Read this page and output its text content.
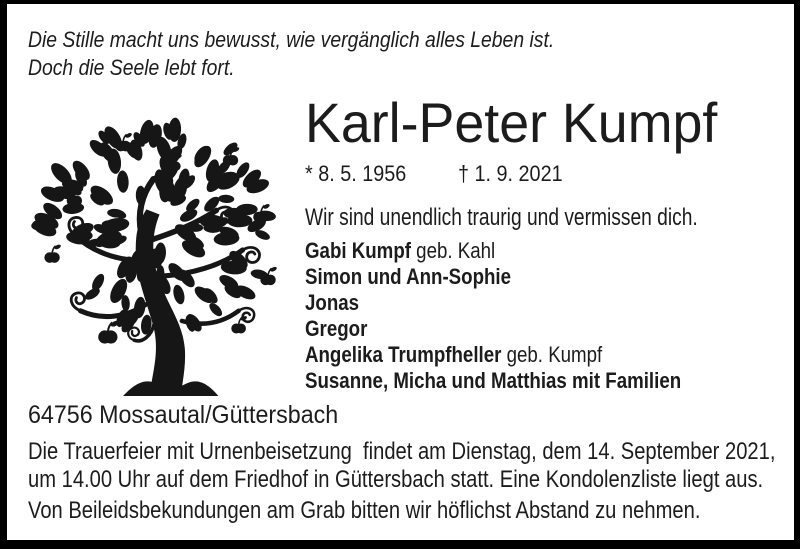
Die Stille macht uns bewusst, wie vergänglich alles Leben ist.
Doch die Seele lebt fort.
Karl-Peter Kumpf
* 8. 5. 1956	† 1. 9. 2021
Wir sind unendlich traurig und vermissen dich.
Gabi Kumpf geb. Kahl
Simon und Ann-Sophie
Jonas
Gregor
Angelika Trumpfheller geb. Kumpf
Susanne, Micha und Matthias mit Familien
64756 Mossautal/Güttersbach
Die Trauerfeier mit Urnenbeisetzung  findet am Dienstag, dem 14. September 2021,
um 14.00 Uhr auf dem Friedhof in Güttersbach statt. Eine Kondolenzliste liegt aus.
Von Beileidsbekundungen am Grab bitten wir höflichst Abstand zu nehmen.
